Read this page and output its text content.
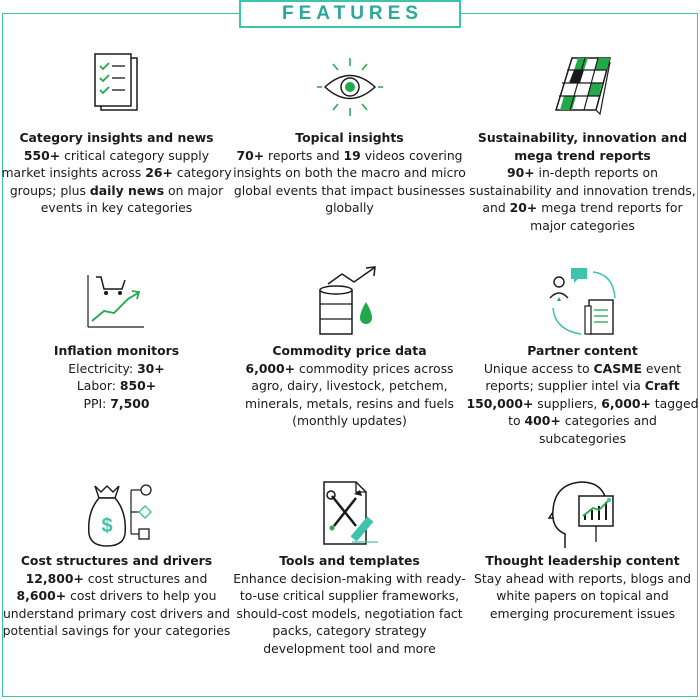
FEATURES
$
Category insights and news
550+ critical category supply market insights across 26+ category groups; plus daily news on major events in key categories
Topical insights
70+ reports and 19 videos covering insights on both the macro and micro global events that impact businesses globally
Sustainability, innovation and mega trend reports
90+ in-depth reports on sustainability and innovation trends, and 20+ mega trend reports for major categories
Inflation monitors
Electricity: 30+
Labor: 850+
PPI: 7,500
Commodity price data
6,000+ commodity prices across agro, dairy, livestock, petchem, minerals, metals, resins and fuels (monthly updates)
Partner content
Unique access to CASME event reports; supplier intel via Craft 150,000+ suppliers, 6,000+ tagged to 400+ categories and subcategories
Cost structures and drivers
12,800+ cost structures and 8,600+ cost drivers to help you understand primary cost drivers and potential savings for your categories
Tools and templates
Enhance decision-making with ready-to-use critical supplier frameworks, should-cost models, negotiation fact packs, category strategy development tool and more
Thought leadership content
Stay ahead with reports, blogs and white papers on topical and emerging procurement issues
